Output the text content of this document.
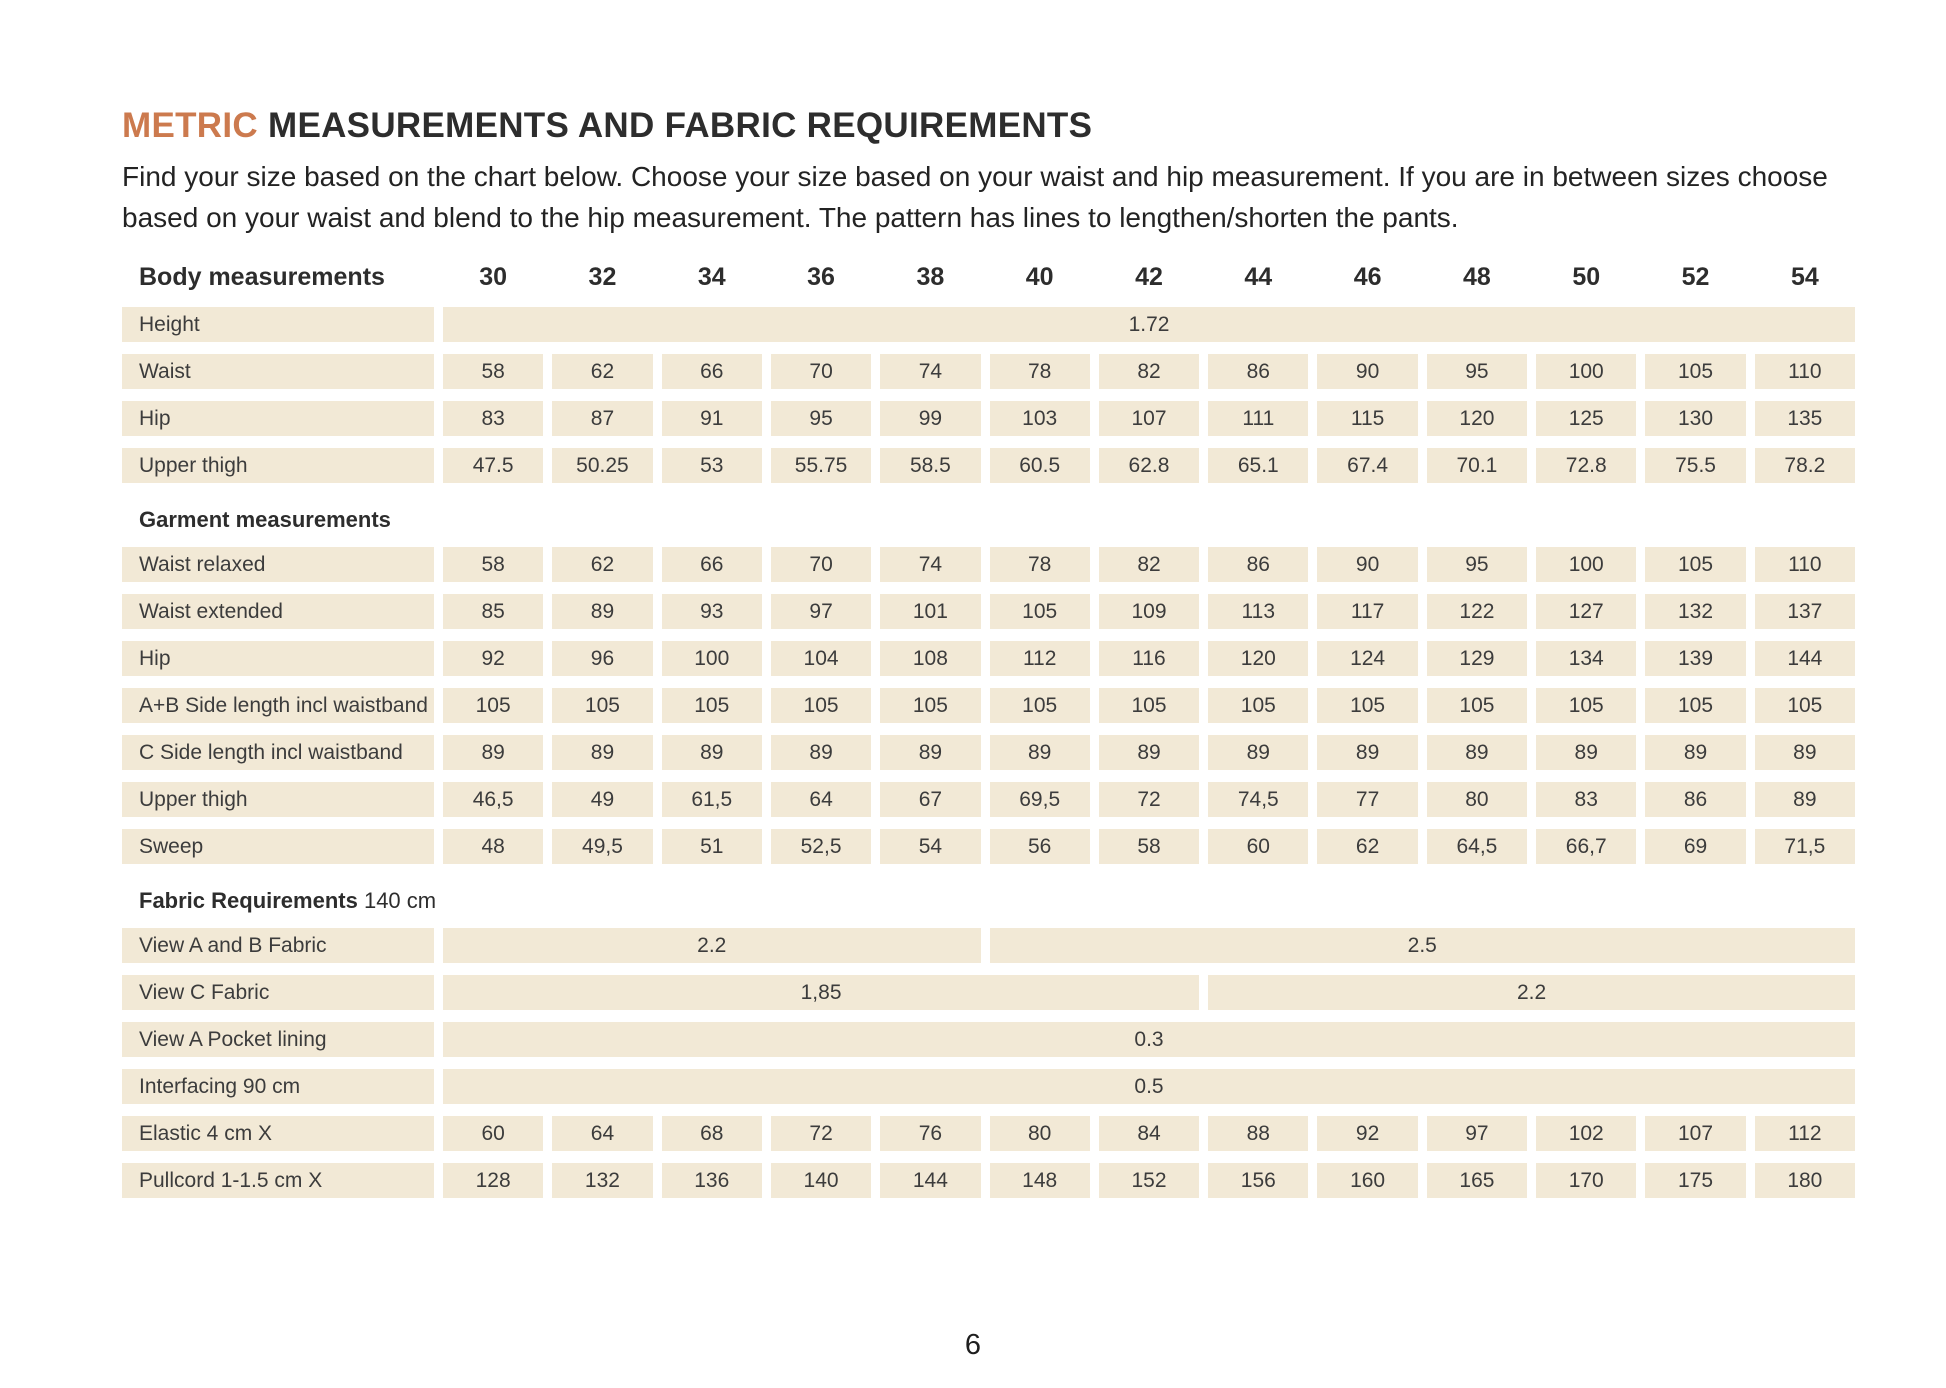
METRIC MEASUREMENTS AND FABRIC REQUIREMENTS

Find your size based on the chart below. Choose your size based on your waist and hip measurement. If you are in between sizes choose based on your waist and blend to the hip measurement. The pattern has lines to lengthen/shorten the pants.

Body measurements	30	32	34	36	38	40	42	44	46	48	50	52	54
Height	1.72
Waist	58	62	66	70	74	78	82	86	90	95	100	105	110
Hip	83	87	91	95	99	103	107	111	115	120	125	130	135
Upper thigh	47.5	50.25	53	55.75	58.5	60.5	62.8	65.1	67.4	70.1	72.8	75.5	78.2
Garment measurements
Waist relaxed	58	62	66	70	74	78	82	86	90	95	100	105	110
Waist extended	85	89	93	97	101	105	109	113	117	122	127	132	137
Hip	92	96	100	104	108	112	116	120	124	129	134	139	144
A+B Side length incl waistband	105	105	105	105	105	105	105	105	105	105	105	105	105
C Side length incl waistband	89	89	89	89	89	89	89	89	89	89	89	89	89
Upper thigh	46,5	49	61,5	64	67	69,5	72	74,5	77	80	83	86	89
Sweep	48	49,5	51	52,5	54	56	58	60	62	64,5	66,7	69	71,5
Fabric Requirements 140 cm
View A and B Fabric	2.2	2.5
View C Fabric	1,85	2.2
View A Pocket lining	0.3
Interfacing 90 cm	0.5
Elastic 4 cm X	60	64	68	72	76	80	84	88	92	97	102	107	112
Pullcord 1-1.5 cm X	128	132	136	140	144	148	152	156	160	165	170	175	180
6
